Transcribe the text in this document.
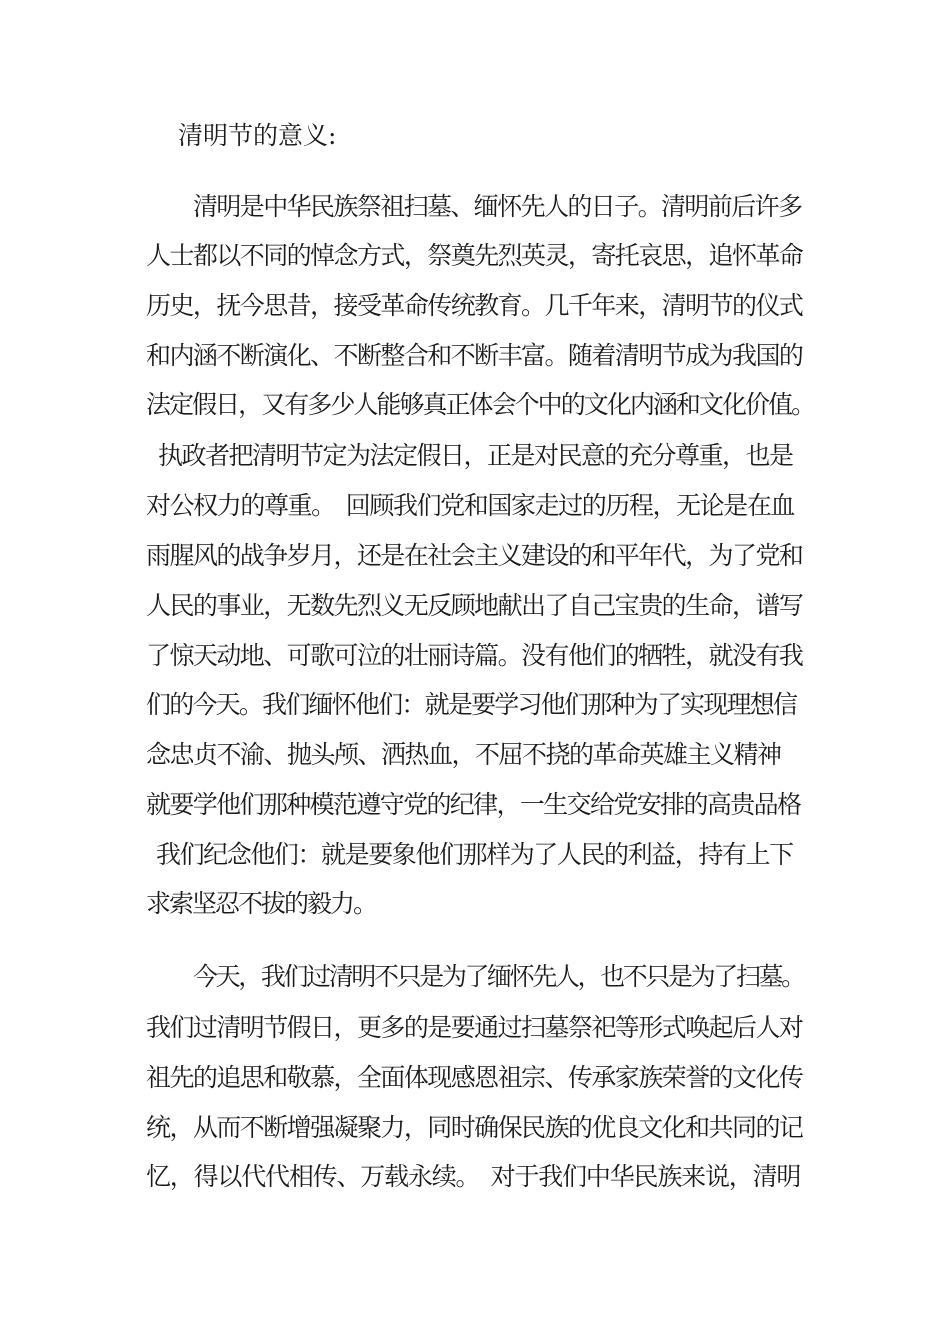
清明节的意义:
清明是中华民族祭祖扫墓、缅怀先人的日子。清明前后许多
人士都以不同的悼念方式，祭奠先烈英灵，寄托哀思，追怀革命
历史，抚今思昔，接受革命传统教育。几千年来，清明节的仪式
和内涵不断演化、不断整合和不断丰富。随着清明节成为我国的
法定假日，又有多少人能够真正体会个中的文化内涵和文化价值。
执政者把清明节定为法定假日，正是对民意的充分尊重，也是
对公权力的尊重。　回顾我们党和国家走过的历程，无论是在血
雨腥风的战争岁月，还是在社会主义建设的和平年代，为了党和
人民的事业，无数先烈义无反顾地献出了自己宝贵的生命，谱写
了惊天动地、可歌可泣的壮丽诗篇。没有他们的牺牲，就没有我
们的今天。我们缅怀他们：就是要学习他们那种为了实现理想信
念忠贞不渝、抛头颅、洒热血，不屈不挠的革命英雄主义精神
就要学他们那种模范遵守党的纪律，一生交给党安排的高贵品格
我们纪念他们：就是要象他们那样为了人民的利益，持有上下
求索坚忍不拔的毅力。
今天，我们过清明不只是为了缅怀先人，也不只是为了扫墓。
我们过清明节假日，更多的是要通过扫墓祭祀等形式唤起后人对
祖先的追思和敬慕，全面体现感恩祖宗、传承家族荣誉的文化传
统，从而不断增强凝聚力，同时确保民族的优良文化和共同的记
忆，得以代代相传、万载永续。　对于我们中华民族来说，清明
